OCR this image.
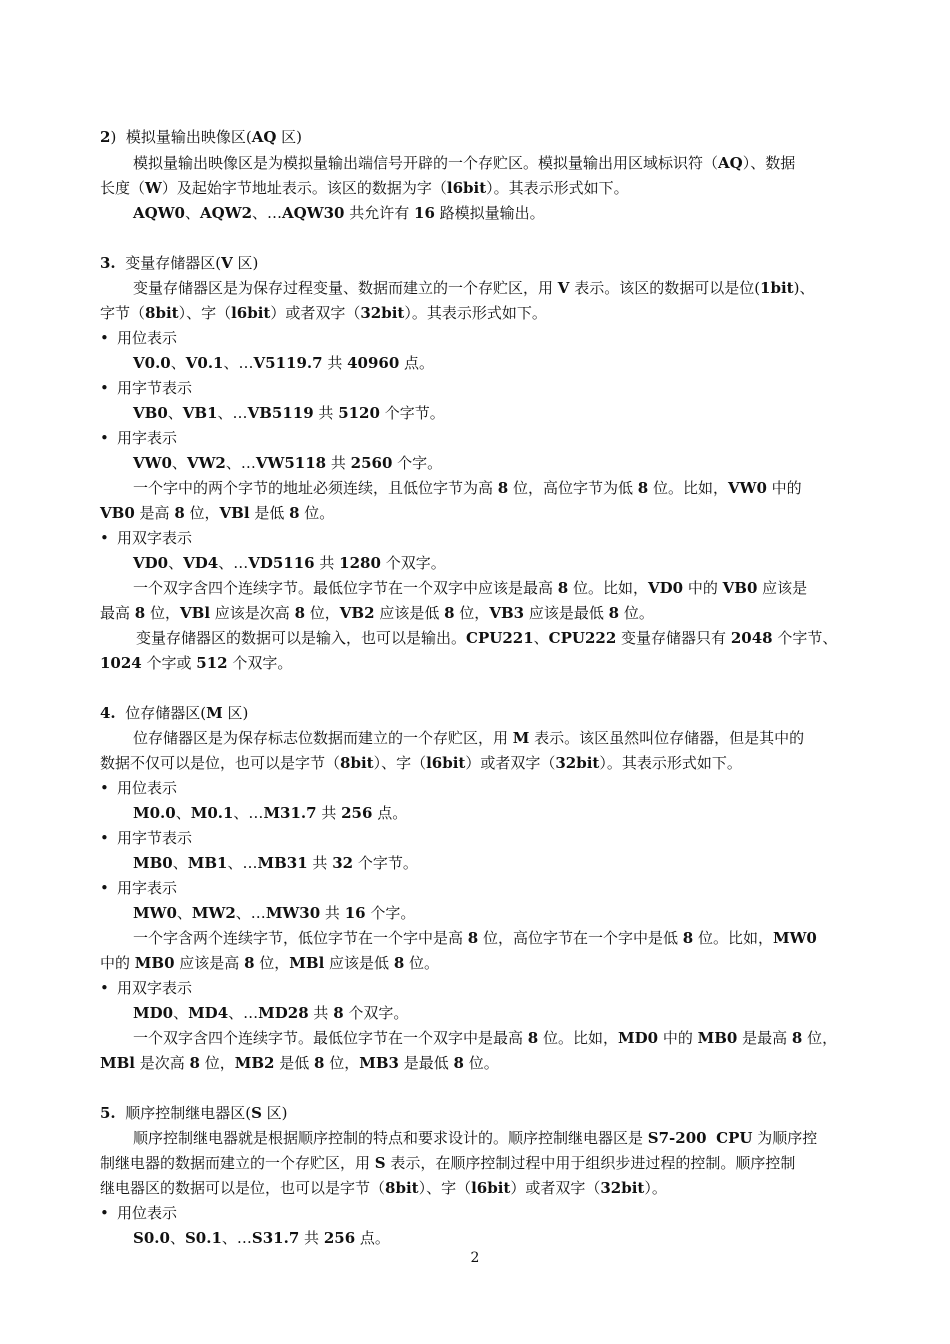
2)  模拟量输出映像区(AQ 区)
模拟量输出映像区是为模拟量输出端信号开辟的一个存贮区。模拟量输出用区域标识符（AQ）、数据
长度（W）及起始字节地址表示。该区的数据为字（l6bit）。其表示形式如下。
AQW0、AQW2、…AQW30 共允许有 16 路模拟量输出。
3.  变量存储器区(V 区)
变量存储器区是为保存过程变量、数据而建立的一个存贮区，用 V 表示。该区的数据可以是位(1bit)、
字节（8bit）、字（l6bit）或者双字（32bit）。其表示形式如下。
• 用位表示
V0.0、V0.1、…V5119.7 共 40960 点。
• 用字节表示
VB0、VB1、…VB5119 共 5120 个字节。
• 用字表示
VW0、VW2、…VW5118 共 2560 个字。
一个字中的两个字节的地址必须连续，且低位字节为高 8 位，高位字节为低 8 位。比如，VW0 中的
VB0 是高 8 位，VBl 是低 8 位。
• 用双字表示
VD0、VD4、…VD5116 共 1280 个双字。
一个双字含四个连续字节。最低位字节在一个双字中应该是最高 8 位。比如，VD0 中的 VB0 应该是
最高 8 位，VBl 应该是次高 8 位，VB2 应该是低 8 位，VB3 应该是最低 8 位。
变量存储器区的数据可以是输入，也可以是输出。CPU221、CPU222 变量存储器只有 2048 个字节、
1024 个字或 512 个双字。
4.  位存储器区(M 区)
位存储器区是为保存标志位数据而建立的一个存贮区，用 M 表示。该区虽然叫位存储器，但是其中的
数据不仅可以是位，也可以是字节（8bit）、字（l6bit）或者双字（32bit）。其表示形式如下。
• 用位表示
M0.0、M0.1、…M31.7 共 256 点。
• 用字节表示
MB0、MB1、…MB31 共 32 个字节。
• 用字表示
MW0、MW2、…MW30 共 16 个字。
一个字含两个连续字节，低位字节在一个字中是高 8 位，高位字节在一个字中是低 8 位。比如，MW0
中的 MB0 应该是高 8 位，MBl 应该是低 8 位。
• 用双字表示
MD0、MD4、…MD28 共 8 个双字。
一个双字含四个连续字节。最低位字节在一个双字中是最高 8 位。比如，MD0 中的 MB0 是最高 8 位，
MBl 是次高 8 位，MB2 是低 8 位，MB3 是最低 8 位。
5.  顺序控制继电器区(S 区)
顺序控制继电器就是根据顺序控制的特点和要求设计的。顺序控制继电器区是 S7-200 CPU 为顺序控
制继电器的数据而建立的一个存贮区，用 S 表示，在顺序控制过程中用于组织步进过程的控制。顺序控制
继电器区的数据可以是位，也可以是字节（8bit）、字（l6bit）或者双字（32bit）。
• 用位表示
S0.0、S0.1、…S31.7 共 256 点。
2
